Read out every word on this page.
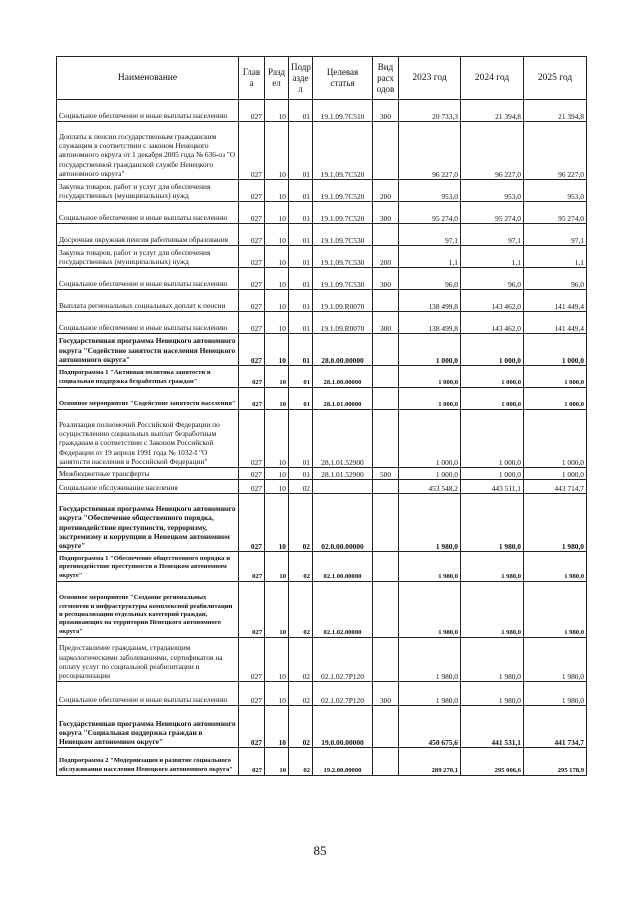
Наименование	Глав а	Разд ел	Подр азде л	Целевая статья	Вид расх одов	2023 год	2024 год	2025 год
Социальное обеспечение и иные выплаты населению	027	10	01	19.1.09.7С510	300	20 733,3	21 394,8	21 394,8
Доплаты к пенсии государственным гражданским служащим в соответствии с законом Ненецкого автономного округа от 1 декабря 2005 года № 636-оз "О государственной гражданской службе Ненецкого автономного округа"	027	10	01	19.1.09.7С520		96 227,0	96 227,0	96 227,0
Закупка товаров, работ и услуг для обеспечения государственных (муниципальных) нужд	027	10	01	19.1.09.7С520	200	953,0	953,0	953,0
Социальное обеспечение и иные выплаты населению	027	10	01	19.1.09.7С520	300	95 274,0	95 274,0	95 274,0
Досрочная окружная пенсия работникам образования	027	10	01	19.1.09.7С530		97,1	97,1	97,1
Закупка товаров, работ и услуг для обеспечения государственных (муниципальных) нужд	027	10	01	19.1.09.7С530	200	1,1	1,1	1,1
Социальное обеспечение и иные выплаты населению	027	10	01	19.1.09.7С530	300	96,0	96,0	96,0
Выплата региональных социальных доплат к пенсии	027	10	01	19.1.09.R0070		138 499,8	143 462,0	141 449,4
Социальное обеспечение и иные выплаты населению	027	10	01	19.1.09.R0070	300	138 499,8	143 462,0	141 449,4
Государственная программа Ненецкого автономного округа "Содействие занятости населения Ненецкого автономного округа"	027	10	01	28.0.00.00000		1 000,0	1 000,0	1 000,0
Подпрограмма 1 "Активная политика занятости и социальная поддержка безработных граждан"	027	10	01	28.1.00.00000		1 000,0	1 000,0	1 000,0
Основное мероприятие "Содействие занятости населения"	027	10	01	28.1.01.00000		1 000,0	1 000,0	1 000,0
Реализация полномочий Российской Федерации по осуществлению социальных выплат безработным гражданам в соответствии с Законом Российской Федерации от 19 апреля 1991 года № 1032-I "О занятости населения в Российской Федерации"	027	10	01	28.1.01.52900		1 000,0	1 000,0	1 000,0
Межбюджетные трансферты	027	10	01	28.1.01.52900	500	1 000,0	1 000,0	1 000,0
Социальное обслуживание населения	027	10	02			453 548,2	443 511,1	443 714,7
Государственная программа Ненецкого автономного округа "Обеспечение общественного порядка, противодействие преступности, терроризму, экстремизму и коррупции в Ненецком автономном округе"	027	10	02	02.0.00.00000		1 980,0	1 980,0	1 980,0
Подпрограмма 1 "Обеспечение общественного порядка и противодействие преступности в Ненецком автономном округе"	027	10	02	02.1.00.00000		1 980,0	1 980,0	1 980,0
Основное мероприятие "Создание региональных сегментов и инфраструктуры комплексной реабилитации и ресоциализации отдельных категорий граждан, проживающих на территории Ненецкого автономного округа"	027	10	02	02.1.02.00000		1 980,0	1 980,0	1 980,0
Предоставление гражданам, страдающим наркологическими заболеваниями, сертификатов на оплату услуг по социальной реабилитации и ресоциализации	027	10	02	02.1.02.7Р120		1 980,0	1 980,0	1 980,0
Социальное обеспечение и иные выплаты населению	027	10	02	02.1.02.7Р120	300	1 980,0	1 980,0	1 980,0
Государственная программа Ненецкого автономного округа "Социальная поддержка граждан в Ненецком автономном округе"	027	10	02	19.0.00.00000		450 675,6	441 531,1	441 734,7
Подпрограмма 2 "Модернизация и развитие социального обслуживания населения Ненецкого автономного округа"	027	10	02	19.2.00.00000		289 270,1	295 006,6	295 178,9
85
